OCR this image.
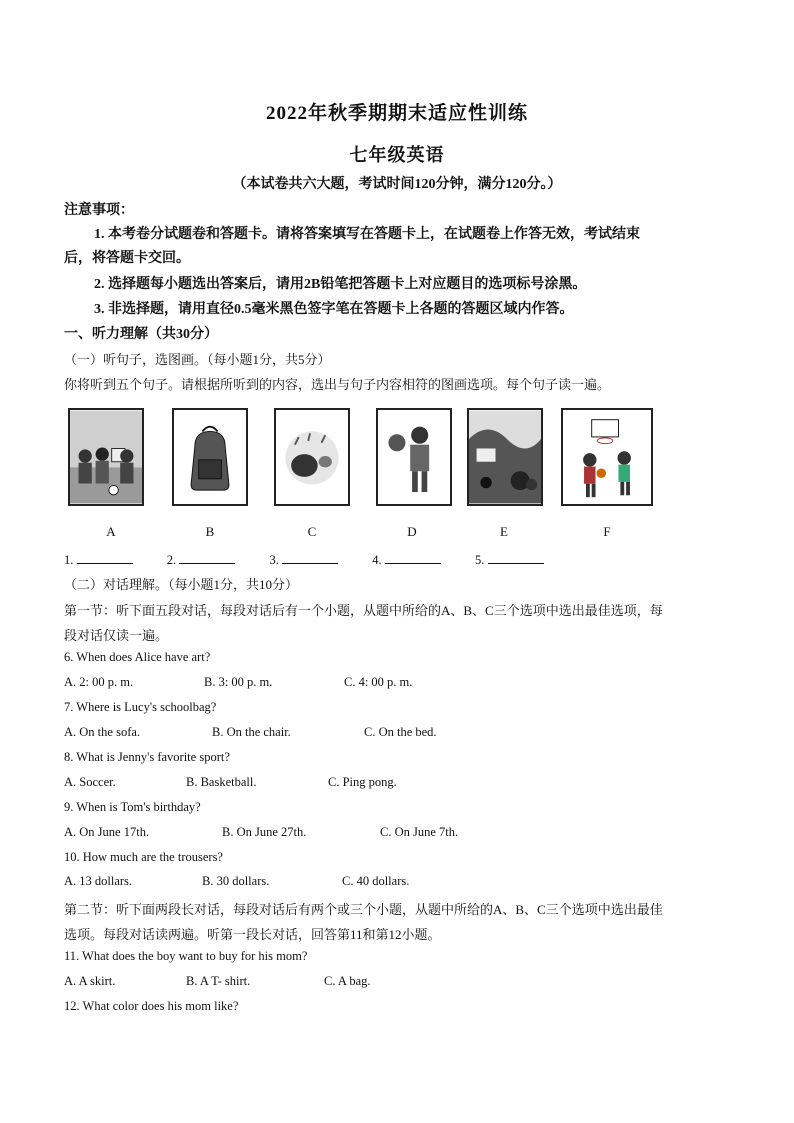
2022年秋季期期末适应性训练
七年级英语
（本试卷共六大题，考试时间120分钟，满分120分。）
注意事项：
1. 本考卷分试题卷和答题卡。请将答案填写在答题卡上，在试题卷上作答无效，考试结束
后，将答题卡交回。
2. 选择题每小题选出答案后，请用2B铅笔把答题卡上对应题目的选项标号涂黑。
3. 非选择题，请用直径0.5毫米黑色签字笔在答题卡上各题的答题区域内作答。
一、听力理解（共30分）
（一）听句子，选图画。（每小题1分，共5分）
你将听到五个句子。请根据所听到的内容，选出与句子内容相符的图画选项。每个句子读一遍。
A	B	C	D	E	F
1.	2.	3.	4.	5.
（二）对话理解。（每小题1分，共10分）
第一节：听下面五段对话，每段对话后有一个小题，从题中所给的A、B、C三个选项中选出最佳选项，每
段对话仅读一遍。
6. When does Alice have art?
A. 2: 00 p. m.	B. 3: 00 p. m.	C. 4: 00 p. m.
7. Where is Lucy's schoolbag?
A. On the sofa.	B. On the chair.	C. On the bed.
8. What is Jenny's favorite sport?
A. Soccer.	B. Basketball.	C. Ping pong.
9. When is Tom's birthday?
A. On June 17th.	B. On June 27th.	C. On June 7th.
10. How much are the trousers?
A. 13 dollars.	B. 30 dollars.	C. 40 dollars.
第二节：听下面两段长对话，每段对话后有两个或三个小题，从题中所给的A、B、C三个选项中选出最佳
选项。每段对话读两遍。听第一段长对话，回答第11和第12小题。
11. What does the boy want to buy for his mom?
A. A skirt.	B. A T- shirt.	C. A bag.
12. What color does his mom like?
